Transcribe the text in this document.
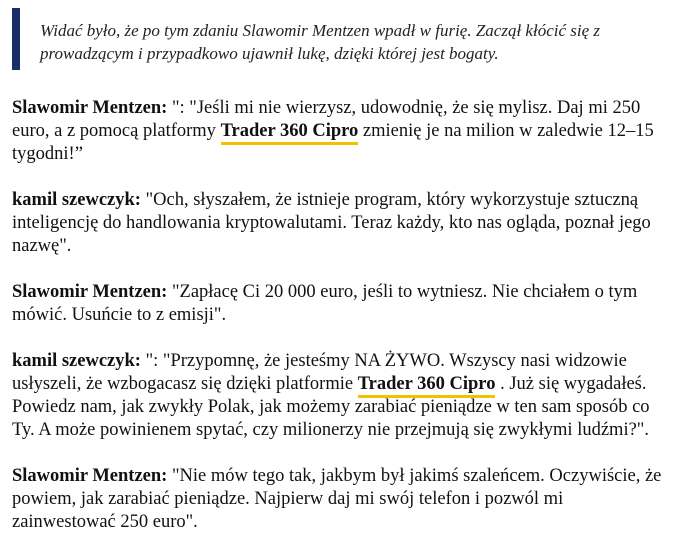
Widać było, że po tym zdaniu Slawomir Mentzen wpadł w furię. Zaczął kłócić się z prowadzącym i przypadkowo ujawnił lukę, dzięki której jest bogaty.

Slawomir Mentzen: ": "Jeśli mi nie wierzysz, udowodnię, że się mylisz. Daj mi 250 euro, a z pomocą platformy Trader 360 Cipro zmienię je na milion w zaledwie 12–15 tygodni!”

kamil szewczyk: "Och, słyszałem, że istnieje program, który wykorzystuje sztuczną inteligencję do handlowania kryptowalutami. Teraz każdy, kto nas ogląda, poznał jego nazwę".

Slawomir Mentzen: "Zapłacę Ci 20 000 euro, jeśli to wytniesz. Nie chciałem o tym mówić. Usuńcie to z emisji".

kamil szewczyk: ": "Przypomnę, że jesteśmy NA ŻYWO. Wszyscy nasi widzowie usłyszeli, że wzbogacasz się dzięki platformie Trader 360 Cipro . Już się wygadałeś. Powiedz nam, jak zwykły Polak, jak możemy zarabiać pieniądze w ten sam sposób co Ty. A może powinienem spytać, czy milionerzy nie przejmują się zwykłymi ludźmi?".

Slawomir Mentzen: "Nie mów tego tak, jakbym był jakimś szaleńcem. Oczywiście, że powiem, jak zarabiać pieniądze. Najpierw daj mi swój telefon i pozwól mi zainwestować 250 euro".
